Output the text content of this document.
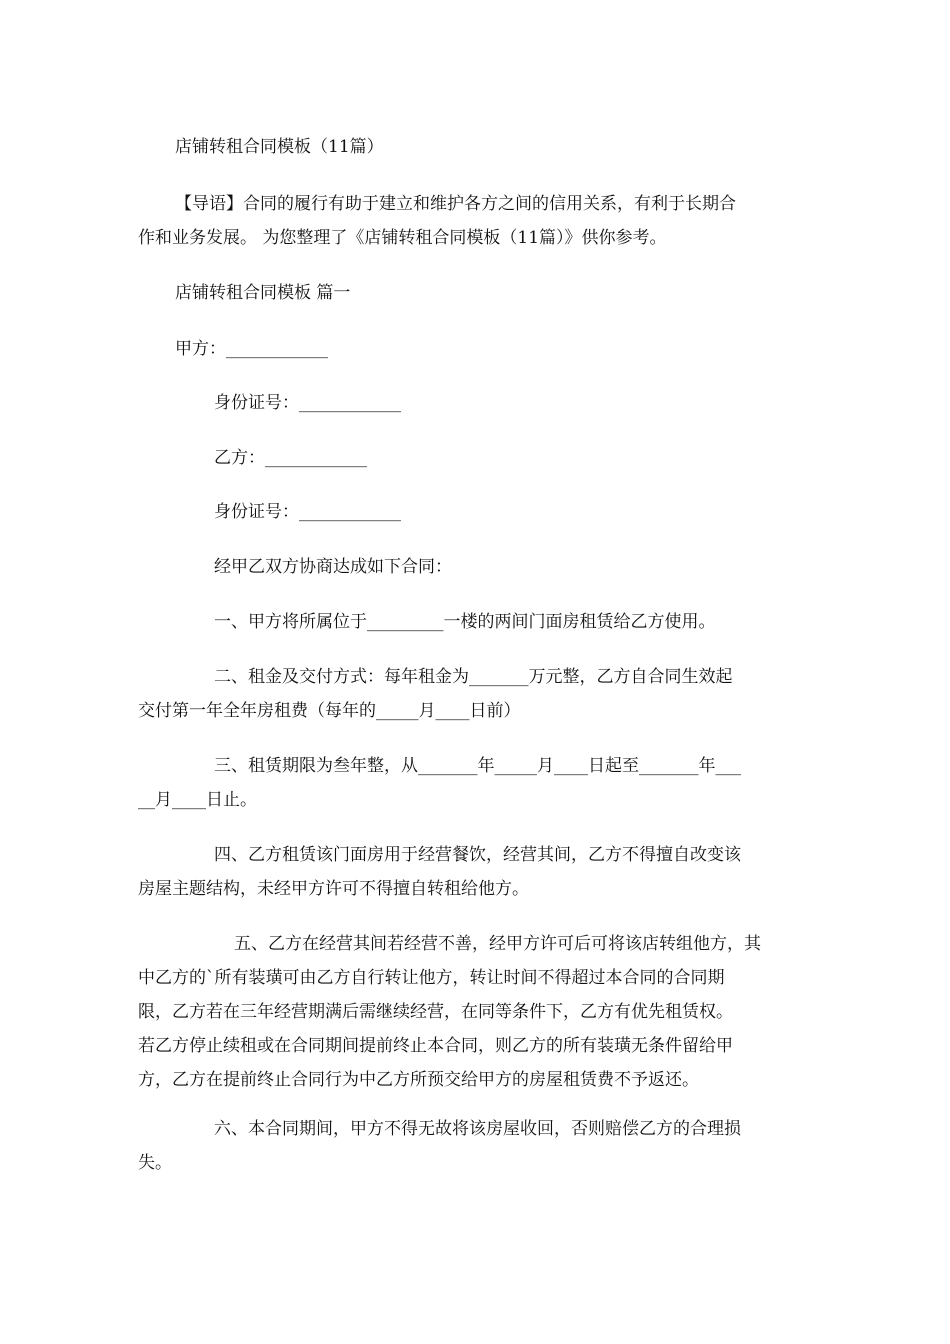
店铺转租合同模板（11篇）

【导语】合同的履行有助于建立和维护各方之间的信用关系，有利于长期合
作和业务发展。 为您整理了《店铺转租合同模板（11篇）》供你参考。

店铺转租合同模板 篇一

甲方：____________

身份证号：____________

乙方：____________

身份证号：____________

经甲乙双方协商达成如下合同：

一、甲方将所属位于_________一楼的两间门面房租赁给乙方使用。
二、租金及交付方式：每年租金为_______万元整，乙方自合同生效起
交付第一年全年房租费（每年的_____月____日前）
三、租赁期限为叁年整，从_______年_____月____日起至_______年___
__月____日止。
四、乙方租赁该门面房用于经营餐饮，经营其间，乙方不得擅自改变该
房屋主题结构，未经甲方许可不得擅自转租给他方。
五、乙方在经营其间若经营不善，经甲方许可后可将该店转组他方，其
中乙方的`所有装璜可由乙方自行转让他方，转让时间不得超过本合同的合同期
限，乙方若在三年经营期满后需继续经营，在同等条件下，乙方有优先租赁权。
若乙方停止续租或在合同期间提前终止本合同，则乙方的所有装璜无条件留给甲
方，乙方在提前终止合同行为中乙方所预交给甲方的房屋租赁费不予返还。
六、本合同期间，甲方不得无故将该房屋收回，否则赔偿乙方的合理损
失。
